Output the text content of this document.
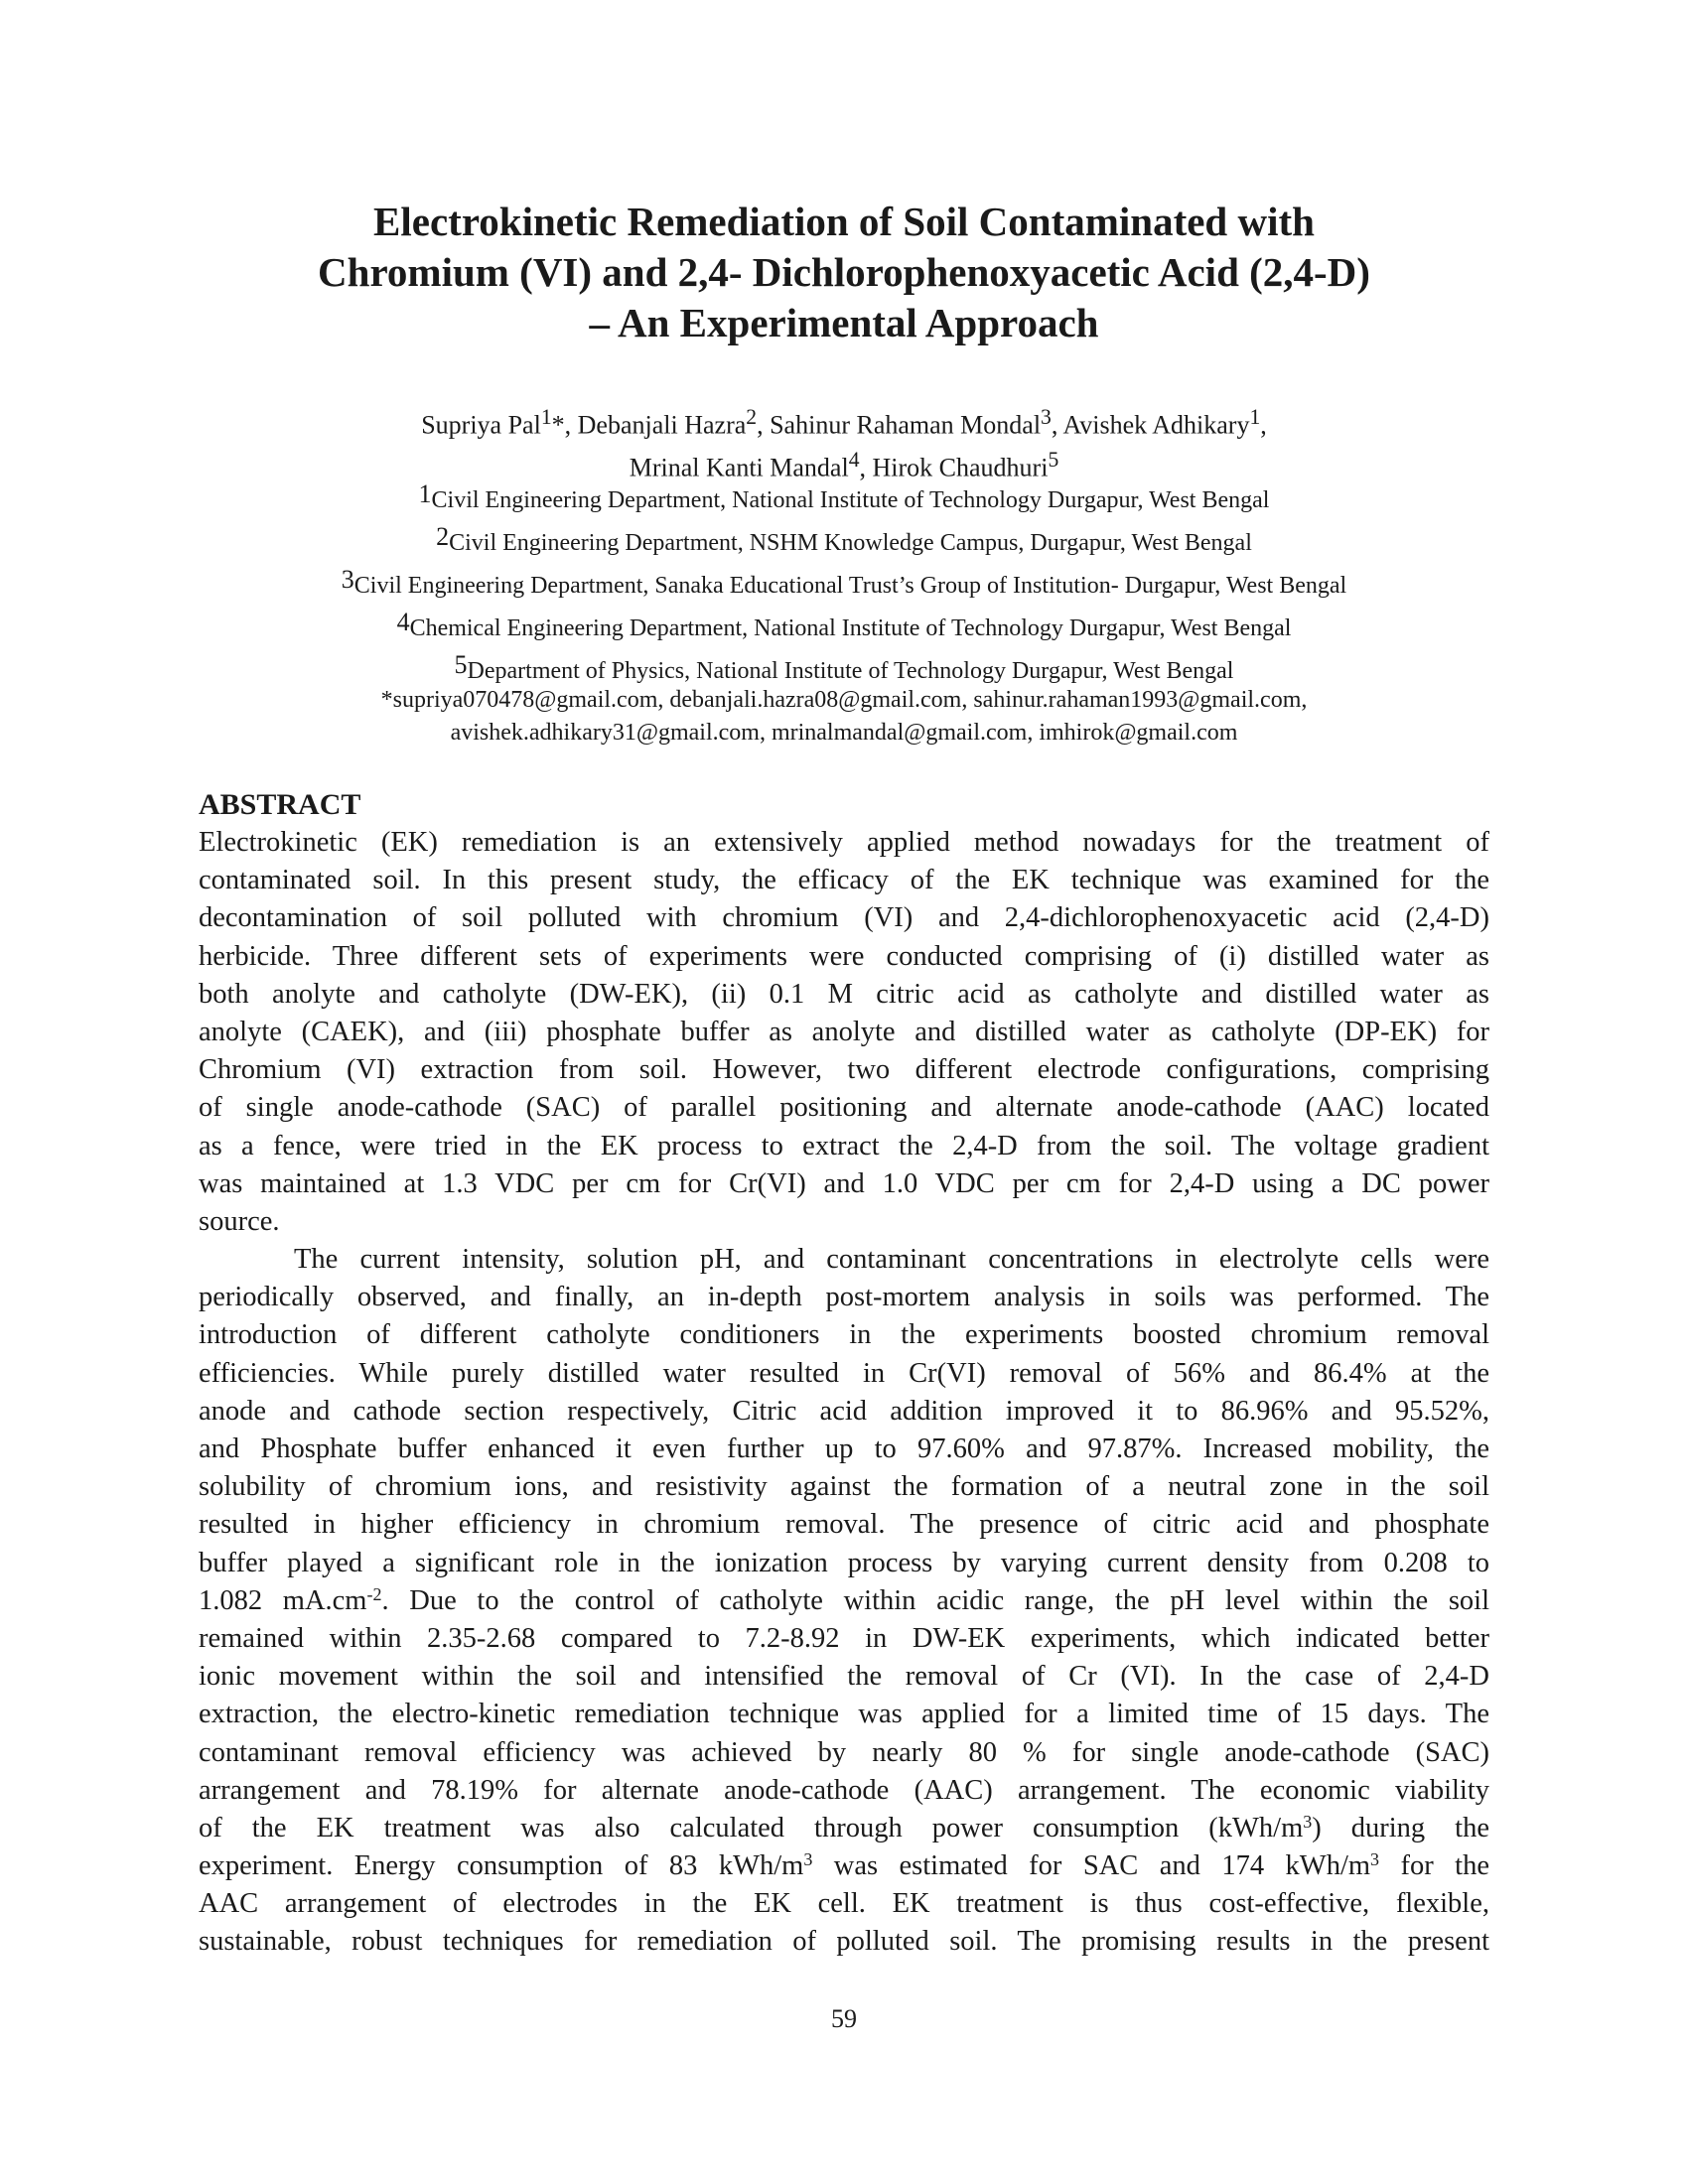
Electrokinetic Remediation of Soil Contaminated with
Chromium (VI) and 2,4- Dichlorophenoxyacetic Acid (2,4-D)
– An Experimental Approach
Supriya Pal$^1$*, Debanjali Hazra$^2$, Sahinur Rahaman Mondal$^3$, Avishek Adhikary$^1$,
Mrinal Kanti Mandal$^4$, Hirok Chaudhuri$^5$
$^1$Civil Engineering Department, National Institute of Technology Durgapur, West Bengal
$^2$Civil Engineering Department, NSHM Knowledge Campus, Durgapur, West Bengal
$^3$Civil Engineering Department, Sanaka Educational Trust’s Group of Institution- Durgapur, West Bengal
$^4$Chemical Engineering Department, National Institute of Technology Durgapur, West Bengal
$^5$Department of Physics, National Institute of Technology Durgapur, West Bengal
*supriya070478@gmail.com, debanjali.hazra08@gmail.com, sahinur.rahaman1993@gmail.com,
avishek.adhikary31@gmail.com, mrinalmandal@gmail.com, imhirok@gmail.com
ABSTRACT
Electrokinetic (EK) remediation is an extensively applied method nowadays for the treatment of
contaminated soil. In this present study, the efficacy of the EK technique was examined for the
decontamination of soil polluted with chromium (VI) and 2,4-dichlorophenoxyacetic acid (2,4-D)
herbicide. Three different sets of experiments were conducted comprising of (i) distilled water as
both anolyte and catholyte (DW-EK), (ii) 0.1 M citric acid as catholyte and distilled water as
anolyte (CAEK), and (iii) phosphate buffer as anolyte and distilled water as catholyte (DP-EK) for
Chromium (VI) extraction from soil. However, two different electrode configurations, comprising
of single anode-cathode (SAC) of parallel positioning and alternate anode-cathode (AAC) located
as a fence, were tried in the EK process to extract the 2,4-D from the soil. The voltage gradient
was maintained at 1.3 VDC per cm for Cr(VI) and 1.0 VDC per cm for 2,4-D using a DC power
source.
The current intensity, solution pH, and contaminant concentrations in electrolyte cells were
periodically observed, and finally, an in-depth post-mortem analysis in soils was performed. The
introduction of different catholyte conditioners in the experiments boosted chromium removal
efficiencies. While purely distilled water resulted in Cr(VI) removal of 56% and 86.4% at the
anode and cathode section respectively, Citric acid addition improved it to 86.96% and 95.52%,
and Phosphate buffer enhanced it even further up to 97.60% and 97.87%. Increased mobility, the
solubility of chromium ions, and resistivity against the formation of a neutral zone in the soil
resulted in higher efficiency in chromium removal. The presence of citric acid and phosphate
buffer played a significant role in the ionization process by varying current density from 0.208 to
1.082 $mA.cm^{-2}$. Due to the control of catholyte within acidic range, the pH level within the soil
remained within 2.35-2.68 compared to 7.2-8.92 in DW-EK experiments, which indicated better
ionic movement within the soil and intensified the removal of Cr (VI). In the case of 2,4-D
extraction, the electro-kinetic remediation technique was applied for a limited time of 15 days. The
contaminant removal efficiency was achieved by nearly 80 % for single anode-cathode (SAC)
arrangement and 78.19% for alternate anode-cathode (AAC) arrangement. The economic viability
of the EK treatment was also calculated through power consumption $(kWh/m^3)$ during the
experiment. Energy consumption of 83 kWh/$m^3$ was estimated for SAC and 174 kWh/$m^3$ for the
AAC arrangement of electrodes in the EK cell. EK treatment is thus cost-effective, flexible,
sustainable, robust techniques for remediation of polluted soil. The promising results in the present
59
